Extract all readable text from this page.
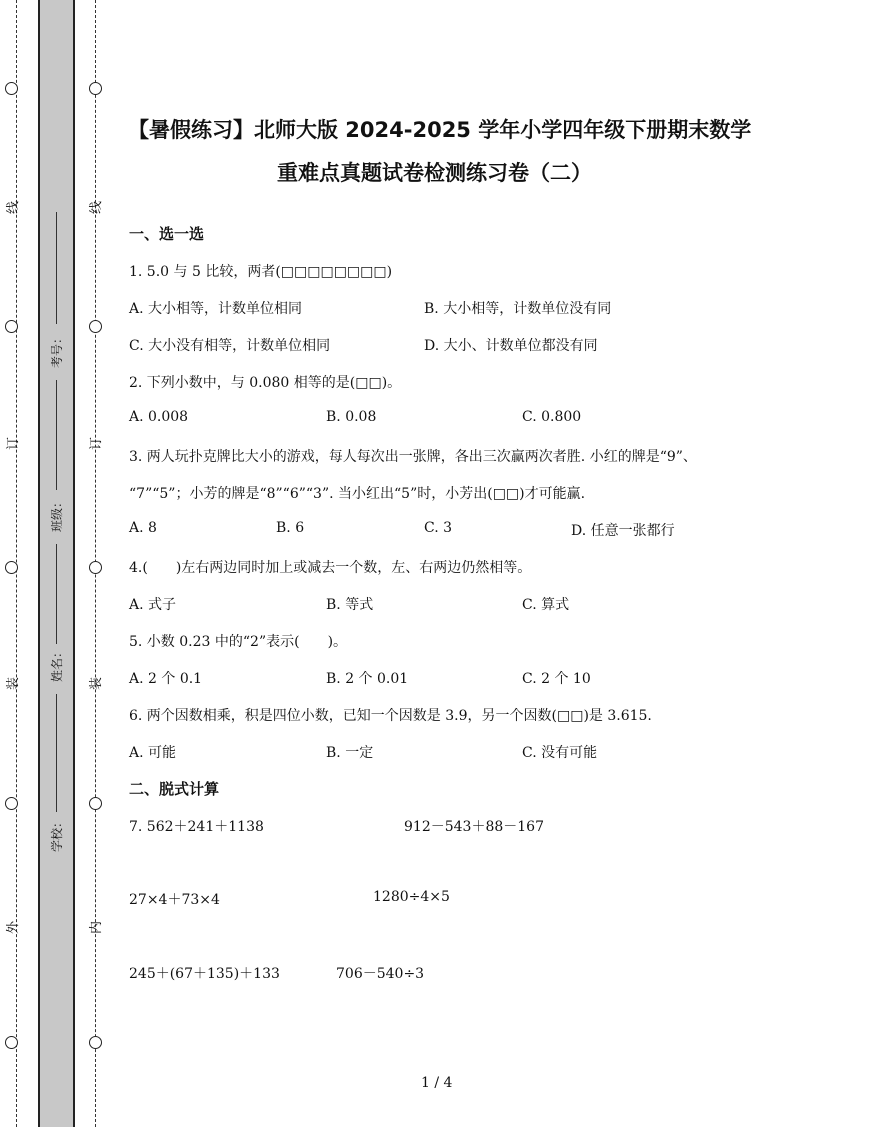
线
订
装
外
线
订
装
内
考号：
班级：
姓名：
学校：
【暑假练习】北师大版 2024-2025 学年小学四年级下册期末数学
重难点真题试卷检测练习卷（二）
一、选一选
1. 5.0 与 5 比较，两者(□□□□□□□□)
A. 大小相等，计数单位相同	B. 大小相等，计数单位没有同
C. 大小没有相等，计数单位相同	D. 大小、计数单位都没有同
2. 下列小数中，与 0.080 相等的是(□□)。
A. 0.008	B. 0.08	C. 0.800
3. 两人玩扑克牌比大小的游戏，每人每次出一张牌，各出三次赢两次者胜. 小红的牌是“9”、
“7”“5”；小芳的牌是“8”“6”“3”. 当小红出“5”时，小芳出(□□)才可能赢.
A. 8	B. 6	C. 3	D. 任意一张都行
4.(　　)左右两边同时加上或减去一个数，左、右两边仍然相等。
A. 式子	B. 等式	C. 算式
5. 小数 0.23 中的“2”表示(　　)。
A. 2 个 0.1	B. 2 个 0.01	C. 2 个 10
6. 两个因数相乘，积是四位小数，已知一个因数是 3.9，另一个因数(□□)是 3.615.
A. 可能	B. 一定	C. 没有可能
二、脱式计算
7. 562＋241＋1138	912－543＋88－167
27×4＋73×4	1280÷4×5
245＋(67＋135)＋133	706－540÷3
1 / 4
